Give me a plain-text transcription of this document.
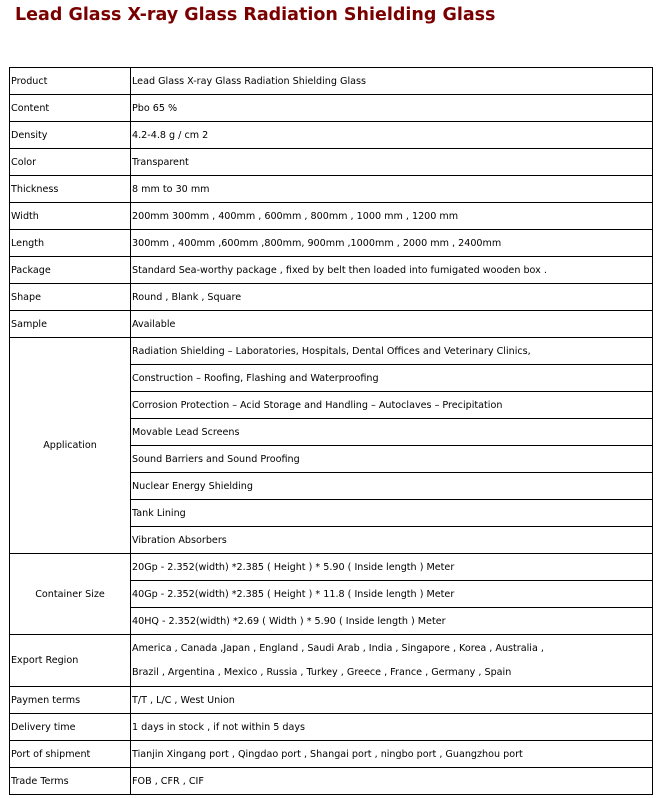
Lead Glass X-ray Glass Radiation Shielding Glass
Product	Lead Glass X-ray Glass Radiation Shielding Glass
Content	Pbo 65 %
Density	4.2-4.8 g / cm 2
Color	Transparent
Thickness	8 mm to 30 mm
Width	200mm 300mm , 400mm , 600mm , 800mm , 1000 mm , 1200 mm
Length	300mm , 400mm ,600mm ,800mm, 900mm ,1000mm , 2000 mm , 2400mm
Package	Standard Sea-worthy package , fixed by belt then loaded into fumigated wooden box .
Shape	Round , Blank , Square
Sample	Available
Application	Radiation Shielding – Laboratories, Hospitals, Dental Offices and Veterinary Clinics,
	Construction – Roofing, Flashing and Waterproofing
	Corrosion Protection – Acid Storage and Handling – Autoclaves – Precipitation
	Movable Lead Screens
	Sound Barriers and Sound Proofing
	Nuclear Energy Shielding
	Tank Lining
	Vibration Absorbers
Container Size	20Gp - 2.352(width) *2.385 ( Height ) * 5.90 ( Inside length ) Meter
	40Gp - 2.352(width) *2.385 ( Height ) * 11.8 ( Inside length ) Meter
	40HQ - 2.352(width) *2.69 ( Width ) * 5.90 ( Inside length ) Meter
Export Region	America , Canada ,Japan , England , Saudi Arab , India , Singapore , Korea , Australia ,
Brazil , Argentina , Mexico , Russia , Turkey , Greece , France , Germany , Spain

Paymen terms	T/T , L/C , West Union
Delivery time	1 days in stock , if not within 5 days
Port of shipment	Tianjin Xingang port , Qingdao port , Shangai port , ningbo port , Guangzhou port
Trade Terms	FOB , CFR , CIF
